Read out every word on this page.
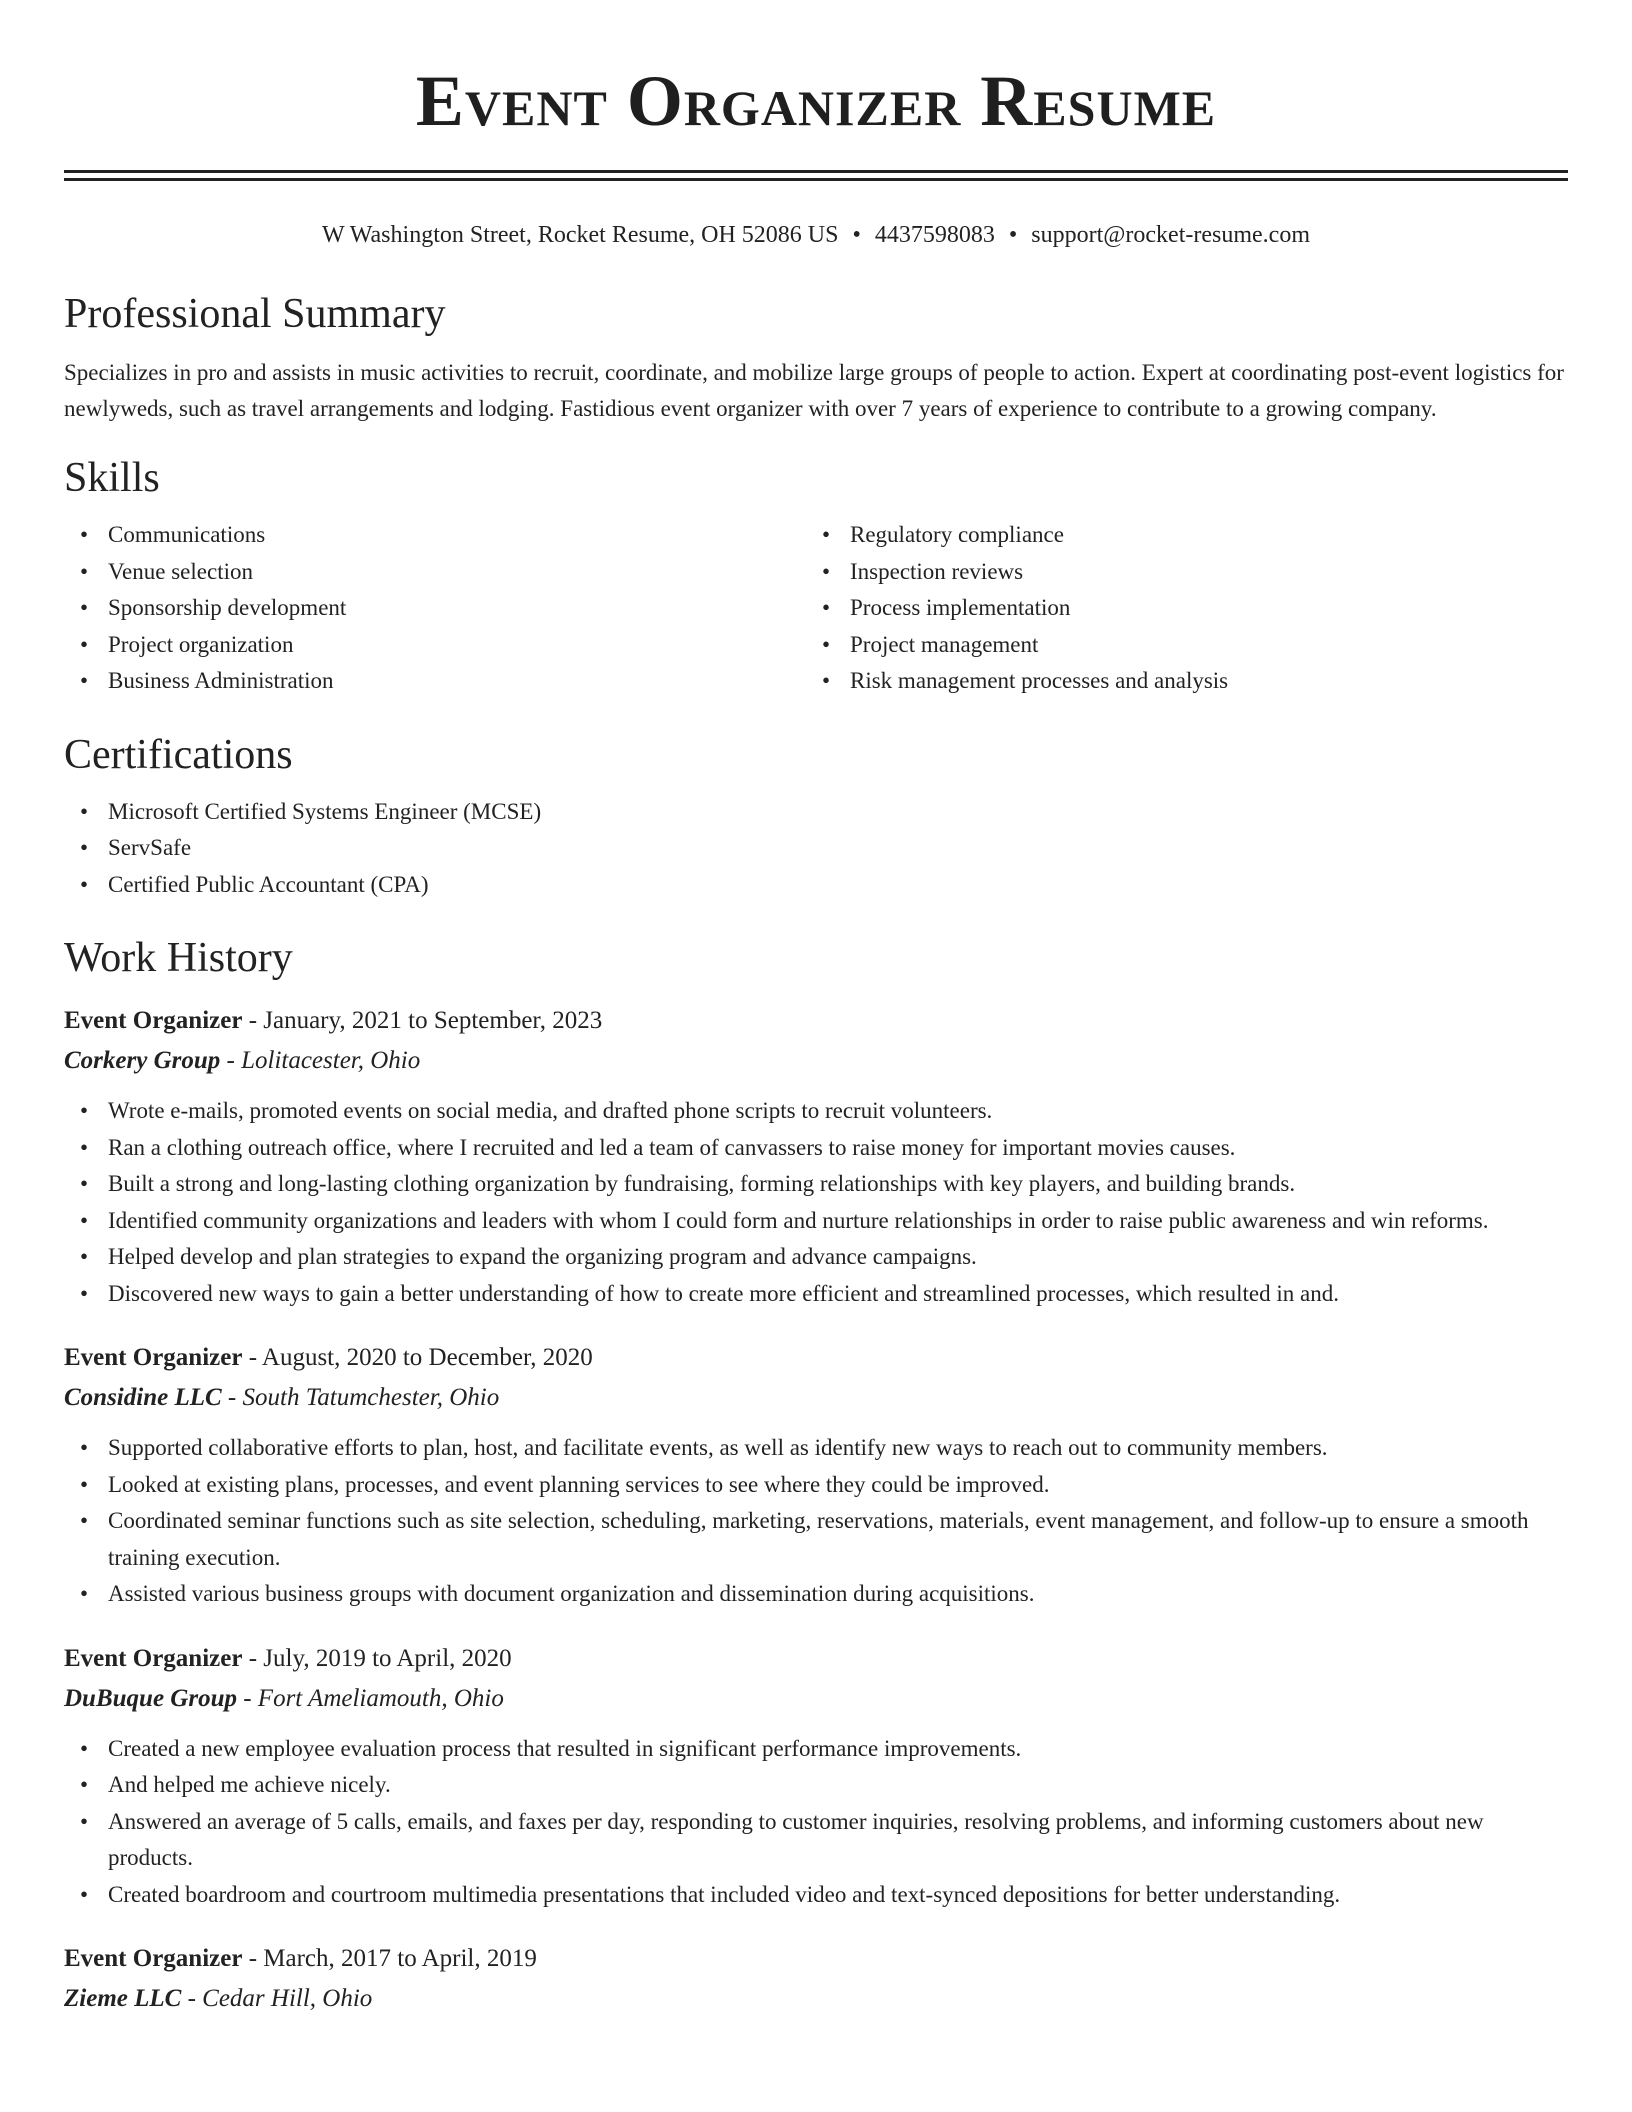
Event Organizer Resume
W Washington Street, Rocket Resume, OH 52086 US • 4437598083 • support@rocket-resume.com
Professional Summary

Specializes in pro and assists in music activities to recruit, coordinate, and mobilize large groups of people to action. Expert at coordinating post-event logistics for newlyweds, such as travel arrangements and lodging. Fastidious event organizer with over 7 years of experience to contribute to a growing company.

Skills
• Communications
• Venue selection
• Sponsorship development
• Project organization
• Business Administration
• Regulatory compliance
• Inspection reviews
• Process implementation
• Project management
• Risk management processes and analysis
Certifications
• Microsoft Certified Systems Engineer (MCSE)
• ServSafe
• Certified Public Accountant (CPA)
Work History
Event Organizer - January, 2021 to September, 2023
Corkery Group - Lolitacester, Ohio
• Wrote e-mails, promoted events on social media, and drafted phone scripts to recruit volunteers.
• Ran a clothing outreach office, where I recruited and led a team of canvassers to raise money for important movies causes.
• Built a strong and long-lasting clothing organization by fundraising, forming relationships with key players, and building brands.
• Identified community organizations and leaders with whom I could form and nurture relationships in order to raise public awareness and win reforms.
• Helped develop and plan strategies to expand the organizing program and advance campaigns.
• Discovered new ways to gain a better understanding of how to create more efficient and streamlined processes, which resulted in and.
Event Organizer - August, 2020 to December, 2020
Considine LLC - South Tatumchester, Ohio
• Supported collaborative efforts to plan, host, and facilitate events, as well as identify new ways to reach out to community members.
• Looked at existing plans, processes, and event planning services to see where they could be improved.
• Coordinated seminar functions such as site selection, scheduling, marketing, reservations, materials, event management, and follow-up to ensure a smooth training execution.
• Assisted various business groups with document organization and dissemination during acquisitions.
Event Organizer - July, 2019 to April, 2020
DuBuque Group - Fort Ameliamouth, Ohio
• Created a new employee evaluation process that resulted in significant performance improvements.
• And helped me achieve nicely.
• Answered an average of 5 calls, emails, and faxes per day, responding to customer inquiries, resolving problems, and informing customers about new products.
• Created boardroom and courtroom multimedia presentations that included video and text-synced depositions for better understanding.
Event Organizer - March, 2017 to April, 2019
Zieme LLC - Cedar Hill, Ohio
